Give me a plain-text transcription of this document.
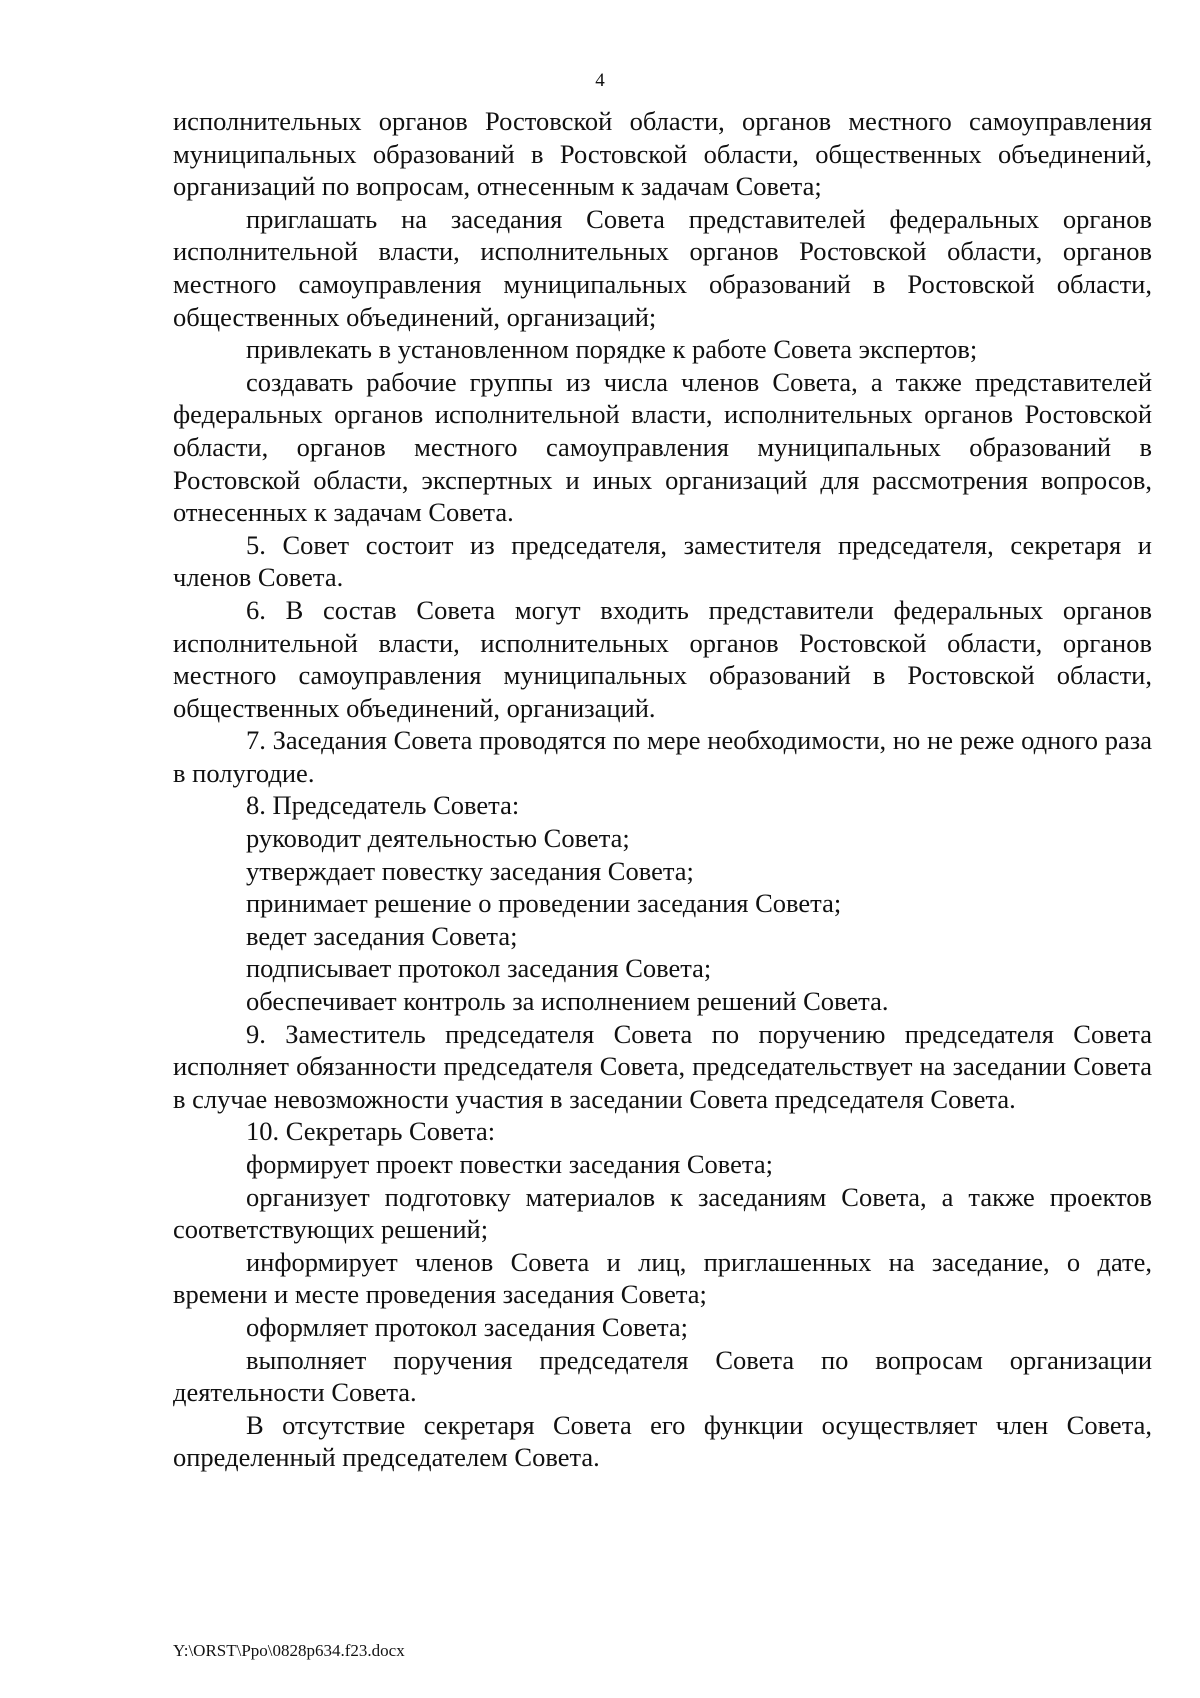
4

исполнительных органов Ростовской области, органов местного самоуправления муниципальных образований в Ростовской области, общественных объединений, организаций по вопросам, отнесенным к задачам Совета;

приглашать на заседания Совета представителей федеральных органов исполнительной власти, исполнительных органов Ростовской области, органов местного самоуправления муниципальных образований в Ростовской области, общественных объединений, организаций;

привлекать в установленном порядке к работе Совета экспертов;

создавать рабочие группы из числа членов Совета, а также представителей федеральных органов исполнительной власти, исполнительных органов Ростовской области, органов местного самоуправления муниципальных образований в Ростовской области, экспертных и иных организаций для рассмотрения вопросов, отнесенных к задачам Совета.

5. Совет состоит из председателя, заместителя председателя, секретаря и членов Совета.

6. В состав Совета могут входить представители федеральных органов исполнительной власти, исполнительных органов Ростовской области, органов местного самоуправления муниципальных образований в Ростовской области, общественных объединений, организаций.

7. Заседания Совета проводятся по мере необходимости, но не реже одного раза в полугодие.

8. Председатель Совета:

руководит деятельностью Совета;

утверждает повестку заседания Совета;

принимает решение о проведении заседания Совета;

ведет заседания Совета;

подписывает протокол заседания Совета;

обеспечивает контроль за исполнением решений Совета.

9. Заместитель председателя Совета по поручению председателя Совета исполняет обязанности председателя Совета, председательствует на заседании Совета в случае невозможности участия в заседании Совета председателя Совета.

10. Секретарь Совета:

формирует проект повестки заседания Совета;

организует подготовку материалов к заседаниям Совета, а также проектов соответствующих решений;

информирует членов Совета и лиц, приглашенных на заседание, о дате, времени и месте проведения заседания Совета;

оформляет протокол заседания Совета;

выполняет поручения председателя Совета по вопросам организации деятельности Совета.

В отсутствие секретаря Совета его функции осуществляет член Совета, определенный председателем Совета.

Y:\ORST\Ppo\0828p634.f23.docx
